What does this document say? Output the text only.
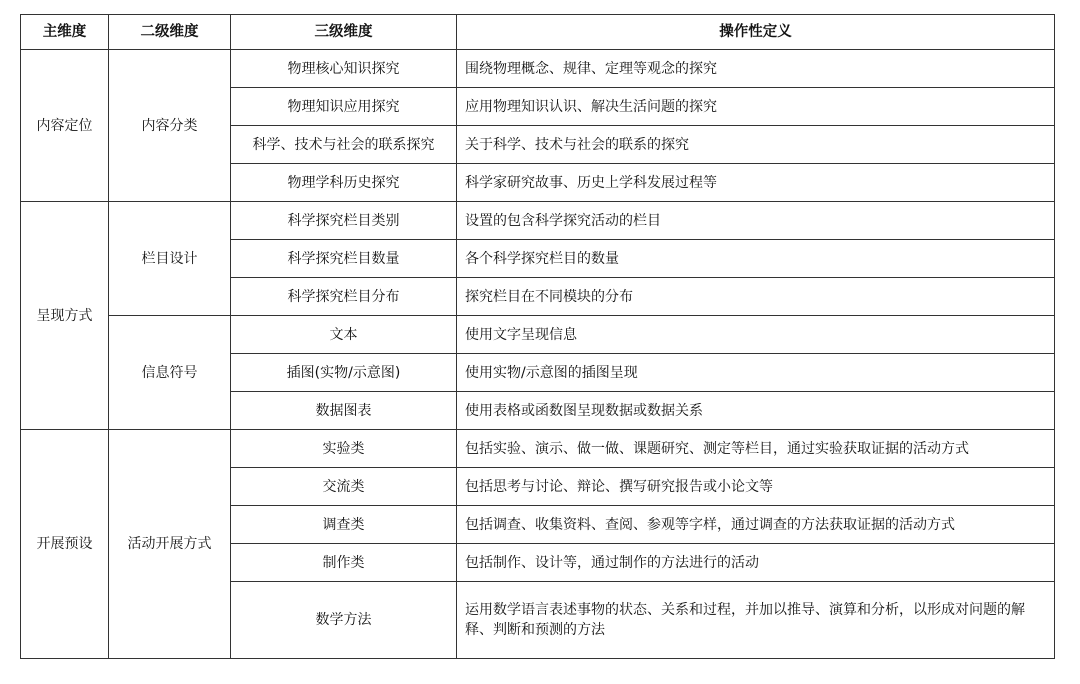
主维度	二级维度	三级维度	操作性定义
内容定位	内容分类	物理核心知识探究	围绕物理概念、规律、定理等观念的探究
		物理知识应用探究	应用物理知识认识、解决生活问题的探究
		科学、技术与社会的联系探究	关于科学、技术与社会的联系的探究
		物理学科历史探究	科学家研究故事、历史上学科发展过程等
呈现方式	栏目设计	科学探究栏目类别	设置的包含科学探究活动的栏目
		科学探究栏目数量	各个科学探究栏目的数量
		科学探究栏目分布	探究栏目在不同模块的分布
	信息符号	文本	使用文字呈现信息
		插图(实物/示意图)	使用实物/示意图的插图呈现
		数据图表	使用表格或函数图呈现数据或数据关系
开展预设	活动开展方式	实验类	包括实验、演示、做一做、课题研究、测定等栏目，通过实验获取证据的活动方式
		交流类	包括思考与讨论、辩论、撰写研究报告或小论文等
		调查类	包括调查、收集资料、查阅、参观等字样，通过调查的方法获取证据的活动方式
		制作类	包括制作、设计等，通过制作的方法进行的活动
		数学方法	运用数学语言表述事物的状态、关系和过程，并加以推导、演算和分析，以形成对问题的解释、判断和预测的方法
